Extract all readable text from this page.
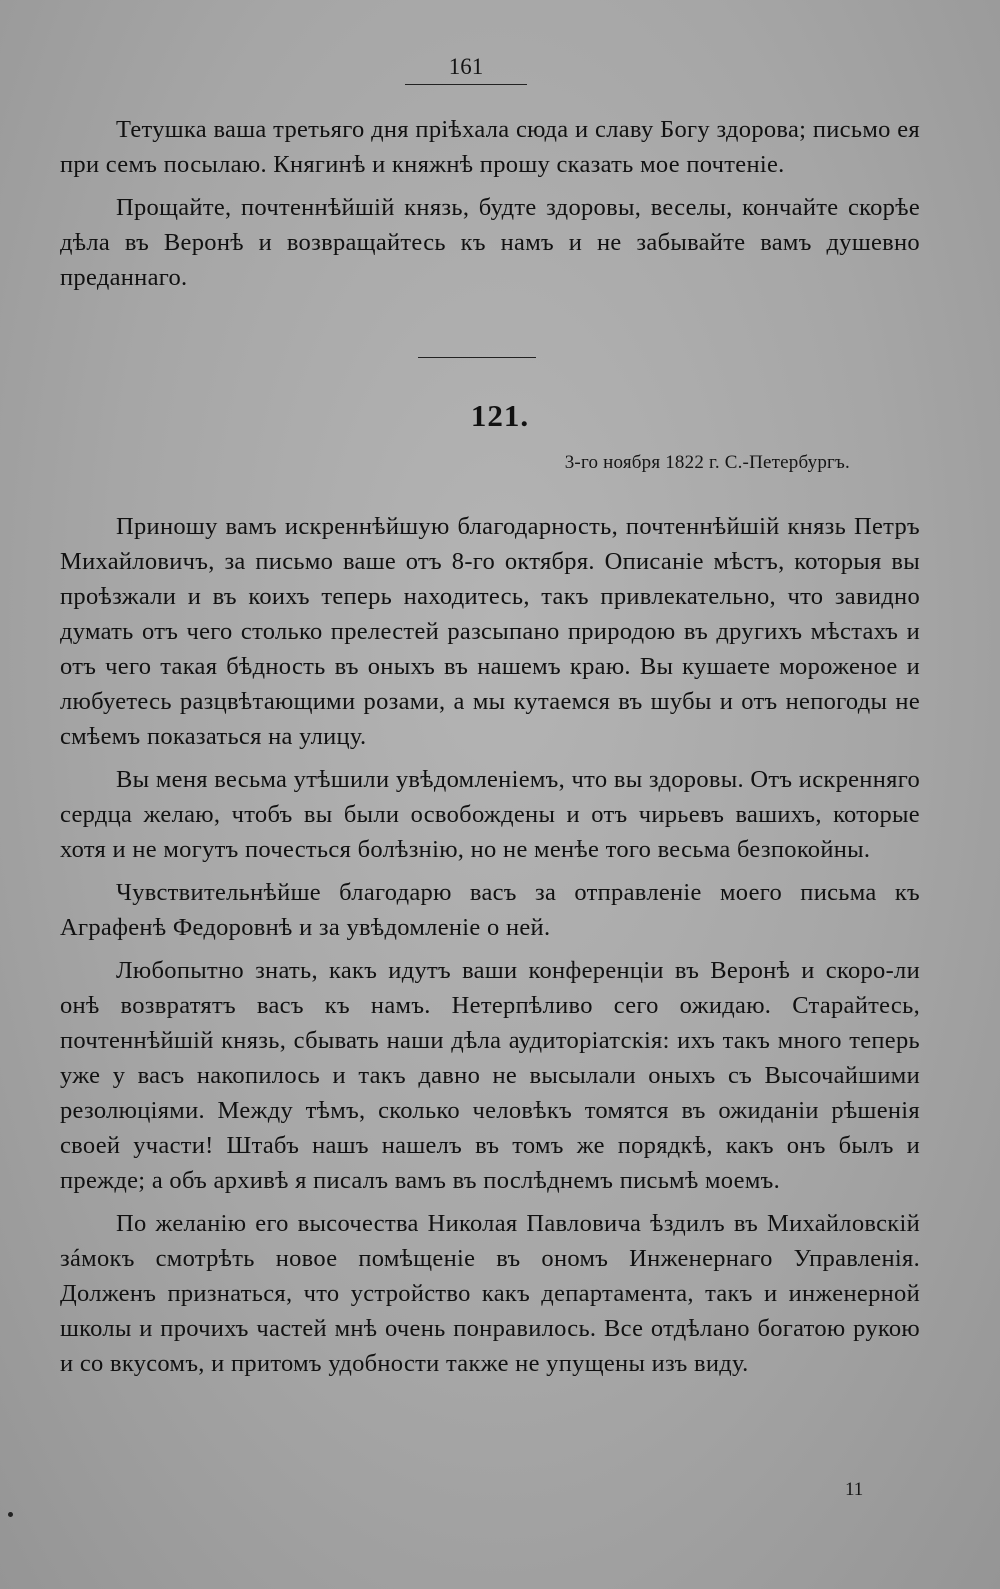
161

Тетушка ваша третьяго дня прiѣхала сюда и славу Богу здорова; письмо ея при семъ посылаю. Княгинѣ и княжнѣ прошу сказать мое почтенiе.

Прощайте, почтеннѣйшiй князь, будте здоровы, веселы, кончайте скорѣе дѣла въ Веронѣ и возвращайтесь къ намъ и не забывайте вамъ душевно преданнаго.

121.
3-го ноября 1822 г. С.-Петербургъ.

Приношу вамъ искреннѣйшую благодарность, почтеннѣйшiй князь Петръ Михайловичъ, за письмо ваше отъ 8-го октября. Описанiе мѣстъ, которыя вы проѣзжали и въ коихъ теперь находитесь, такъ привлекательно, что завидно думать отъ чего столько прелестей разсыпано природою въ другихъ мѣстахъ и отъ чего такая бѣдность въ оныхъ въ нашемъ краю. Вы кушаете мороженое и любуетесь разцвѣтающими розами, а мы кутаемся въ шубы и отъ непогоды не смѣемъ показаться на улицу.

Вы меня весьма утѣшили увѣдомленiемъ, что вы здоровы. Отъ искренняго сердца желаю, чтобъ вы были освобождены и отъ чирьевъ вашихъ, которые хотя и не могутъ почесться болѣзнiю, но не менѣе того весьма безпокойны.

Чувствительнѣйше благодарю васъ за отправленiе моего письма къ Аграфенѣ Федоровнѣ и за увѣдомленiе о ней.

Любопытно знать, какъ идутъ ваши конференцiи въ Веронѣ и скоро-ли онѣ возвратятъ васъ къ намъ. Нетерпѣливо сего ожидаю. Старайтесь, почтеннѣйшiй князь, сбывать наши дѣла аудиторiатскiя: ихъ такъ много теперь уже у васъ накопилось и такъ давно не высылали оныхъ съ Высочайшими резолюцiями. Между тѣмъ, сколько человѣкъ томятся въ ожиданiи рѣшенiя своей участи! Штабъ нашъ нашелъ въ томъ же порядкѣ, какъ онъ былъ и прежде; а объ архивѣ я писалъ вамъ въ послѣднемъ письмѣ моемъ.

По желанiю его высочества Николая Павловича ѣздилъ въ Михайловскiй зáмокъ смотрѣть новое помѣщенiе въ ономъ Инженернаго Управленiя. Долженъ признаться, что устройство какъ департамента, такъ и инженерной школы и прочихъ частей мнѣ очень понравилось. Все отдѣлано богатою рукою и со вкусомъ, и притомъ удобности также не упущены изъ виду.

11
